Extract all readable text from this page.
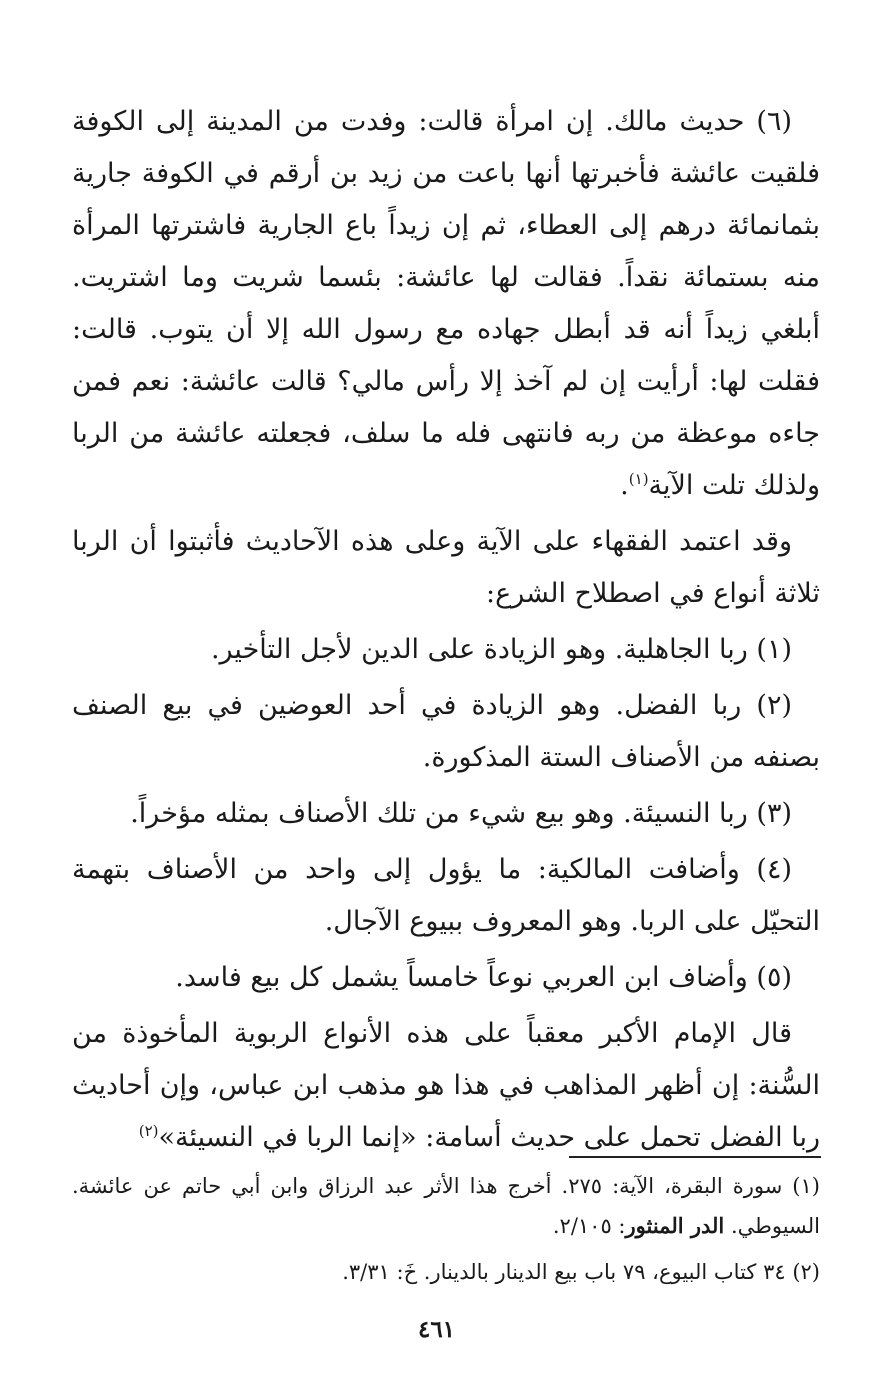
(٦) حديث مالك. إن امرأة قالت: وفدت من المدينة إلى الكوفة فلقيت عائشة فأخبرتها أنها باعت من زيد بن أرقم في الكوفة جارية بثمانمائة درهم إلى العطاء، ثم إن زيداً باع الجارية فاشترتها المرأة منه بستمائة نقداً. فقالت لها عائشة: بئسما شريت وما اشتريت. أبلغي زيداً أنه قد أبطل جهاده مع رسول الله إلا أن يتوب. قالت: فقلت لها: أرأيت إن لم آخذ إلا رأس مالي؟ قالت عائشة: نعم فمن جاءه موعظة من ربه فانتهى فله ما سلف، فجعلته عائشة من الربا ولذلك تلت الآية$^{(١)}$.

وقد اعتمد الفقهاء على الآية وعلى هذه الآحاديث فأثبتوا أن الربا ثلاثة أنواع في اصطلاح الشرع:

(١) ربا الجاهلية. وهو الزيادة على الدين لأجل التأخير.

(٢) ربا الفضل. وهو الزيادة في أحد العوضين في بيع الصنف بصنفه من الأصناف الستة المذكورة.

(٣) ربا النسيئة. وهو بيع شيء من تلك الأصناف بمثله مؤخراً.

(٤) وأضافت المالكية: ما يؤول إلى واحد من الأصناف بتهمة التحيّل على الربا. وهو المعروف ببيوع الآجال.

(٥) وأضاف ابن العربي نوعاً خامساً يشمل كل بيع فاسد.

قال الإمام الأكبر معقباً على هذه الأنواع الربوية المأخوذة من السُّنة: إن أظهر المذاهب في هذا هو مذهب ابن عباس، وإن أحاديث ربا الفضل تحمل على حديث أسامة: «إنما الربا في النسيئة»$^{(٢)}$

(١) سورة البقرة، الآية: ٢٧٥. أخرج هذا الأثر عبد الرزاق وابن أبي حاتم عن عائشة. السيوطي. الدر المنثور: ٢/١٠٥.

(٢) ٣٤ كتاب البيوع، ٧٩ باب بيع الدينار بالدينار. خَ: ٣/٣١.

٤٦١
